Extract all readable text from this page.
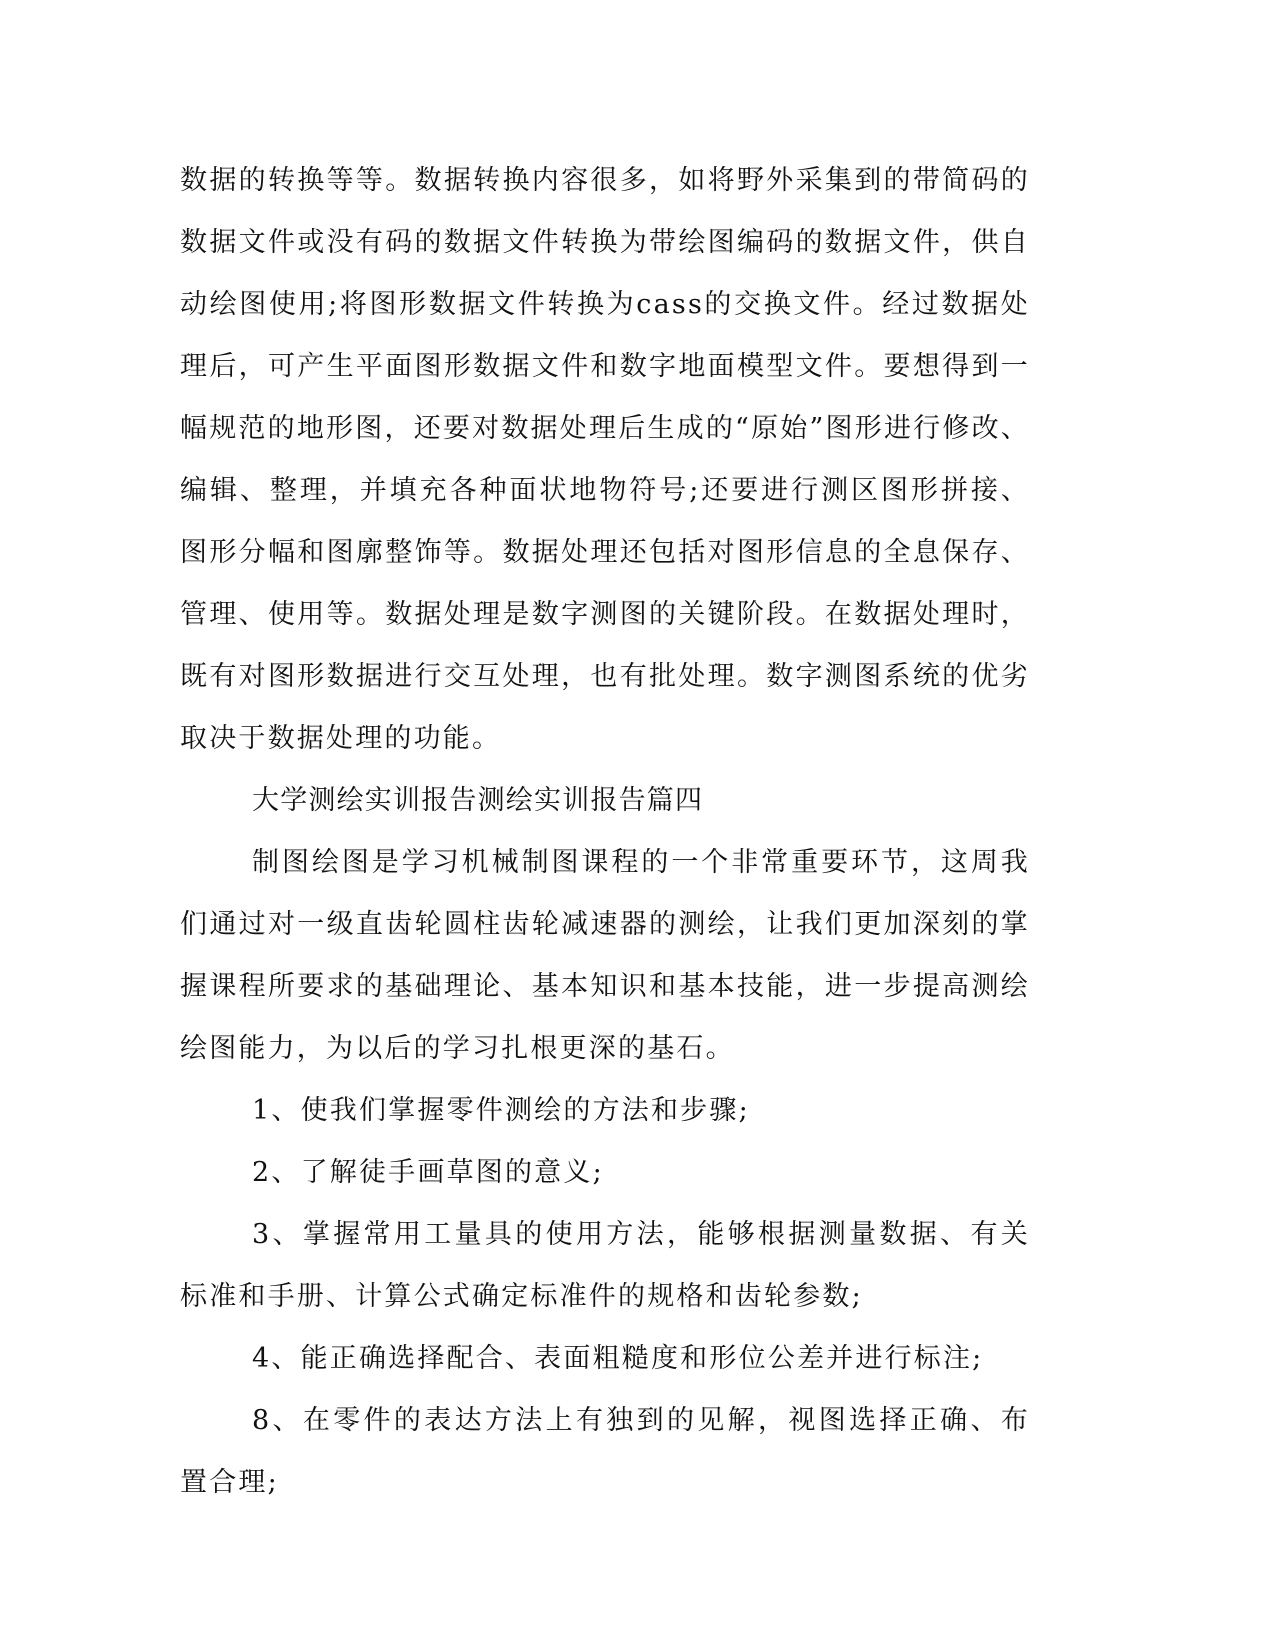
数据的转换等等。数据转换内容很多，如将野外采集到的带简码的数据文件或没有码的数据文件转换为带绘图编码的数据文件，供自动绘图使用;将图形数据文件转换为cass的交换文件。经过数据处理后，可产生平面图形数据文件和数字地面模型文件。要想得到一幅规范的地形图，还要对数据处理后生成的“原始”图形进行修改、编辑、整理，并填充各种面状地物符号;还要进行测区图形拼接、图形分幅和图廓整饰等。数据处理还包括对图形信息的全息保存、管理、使用等。数据处理是数字测图的关键阶段。在数据处理时，既有对图形数据进行交互处理，也有批处理。数字测图系统的优劣取决于数据处理的功能。

大学测绘实训报告测绘实训报告篇四

制图绘图是学习机械制图课程的一个非常重要环节，这周我们通过对一级直齿轮圆柱齿轮减速器的测绘，让我们更加深刻的掌握课程所要求的基础理论、基本知识和基本技能，进一步提高测绘绘图能力，为以后的学习扎根更深的基石。

1、使我们掌握零件测绘的方法和步骤;

2、了解徒手画草图的意义;

3、掌握常用工量具的使用方法，能够根据测量数据、有关标准和手册、计算公式确定标准件的规格和齿轮参数;

4、能正确选择配合、表面粗糙度和形位公差并进行标注;

8、在零件的表达方法上有独到的见解，视图选择正确、布置合理;
